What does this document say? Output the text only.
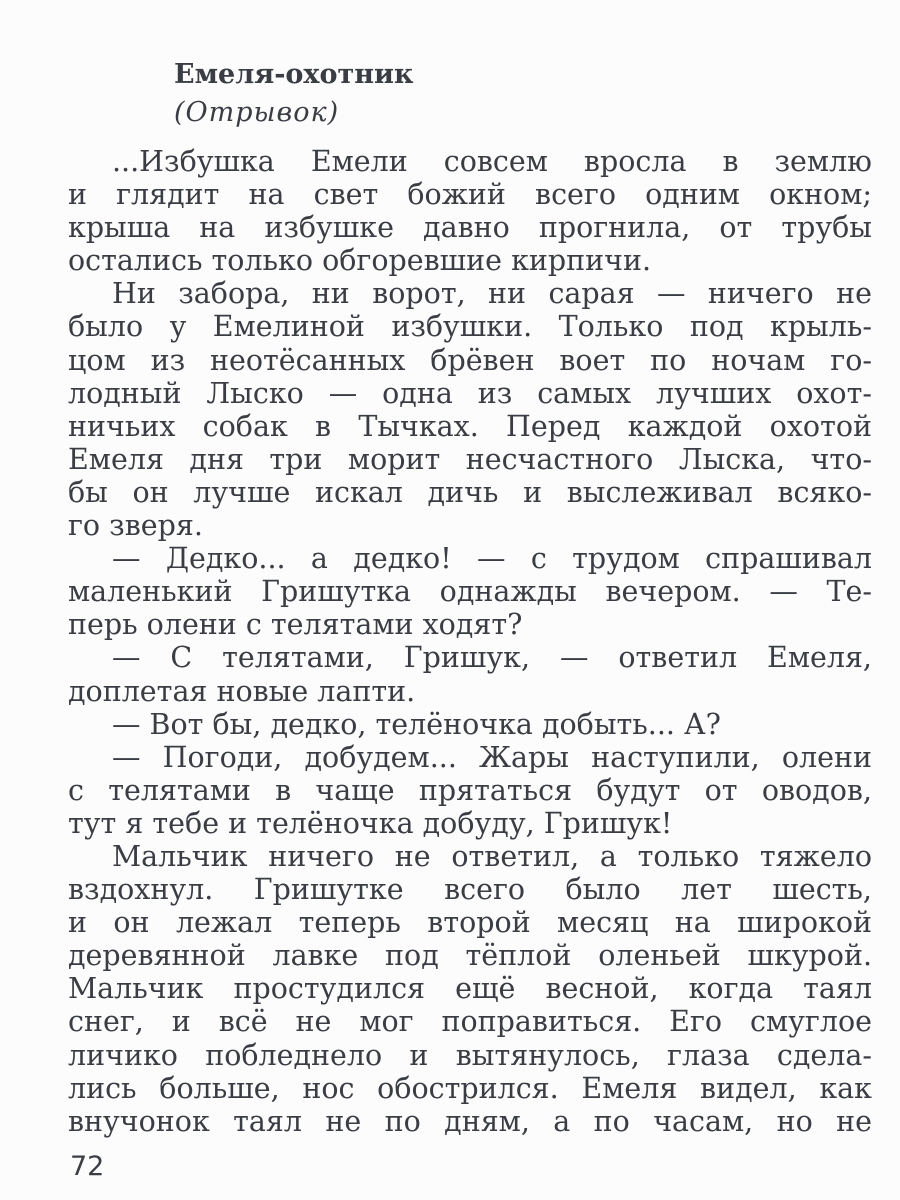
Емеля-охотник
(Отрывок)
...Избушка Емели совсем вросла в землю
и глядит на свет божий всего одним окном;
крыша на избушке давно прогнила, от трубы
остались только обгоревшие кирпичи.
Ни забора, ни ворот, ни сарая — ничего не
было у Емелиной избушки. Только под крыль-
цом из неотёсанных брёвен воет по ночам го-
лодный Лыско — одна из самых лучших охот-
ничьих собак в Тычках. Перед каждой охотой
Емеля дня три морит несчастного Лыска, что-
бы он лучше искал дичь и выслеживал всяко-
го зверя.
— Дедко... а дедко! — с трудом спрашивал
маленький Гришутка однажды вечером. — Те-
перь олени с телятами ходят?
— С телятами, Гришук, — ответил Емеля,
доплетая новые лапти.
— Вот бы, дедко, телёночка добыть... А?
— Погоди, добудем... Жары наступили, олени
с телятами в чаще прятаться будут от оводов,
тут я тебе и телёночка добуду, Гришук!
Мальчик ничего не ответил, а только тяжело
вздохнул. Гришутке всего было лет шесть,
и он лежал теперь второй месяц на широкой
деревянной лавке под тёплой оленьей шкурой.
Мальчик простудился ещё весной, когда таял
снег, и всё не мог поправиться. Его смуглое
личико побледнело и вытянулось, глаза сдела-
лись больше, нос обострился. Емеля видел, как
внучонок таял не по дням, а по часам, но не
72
